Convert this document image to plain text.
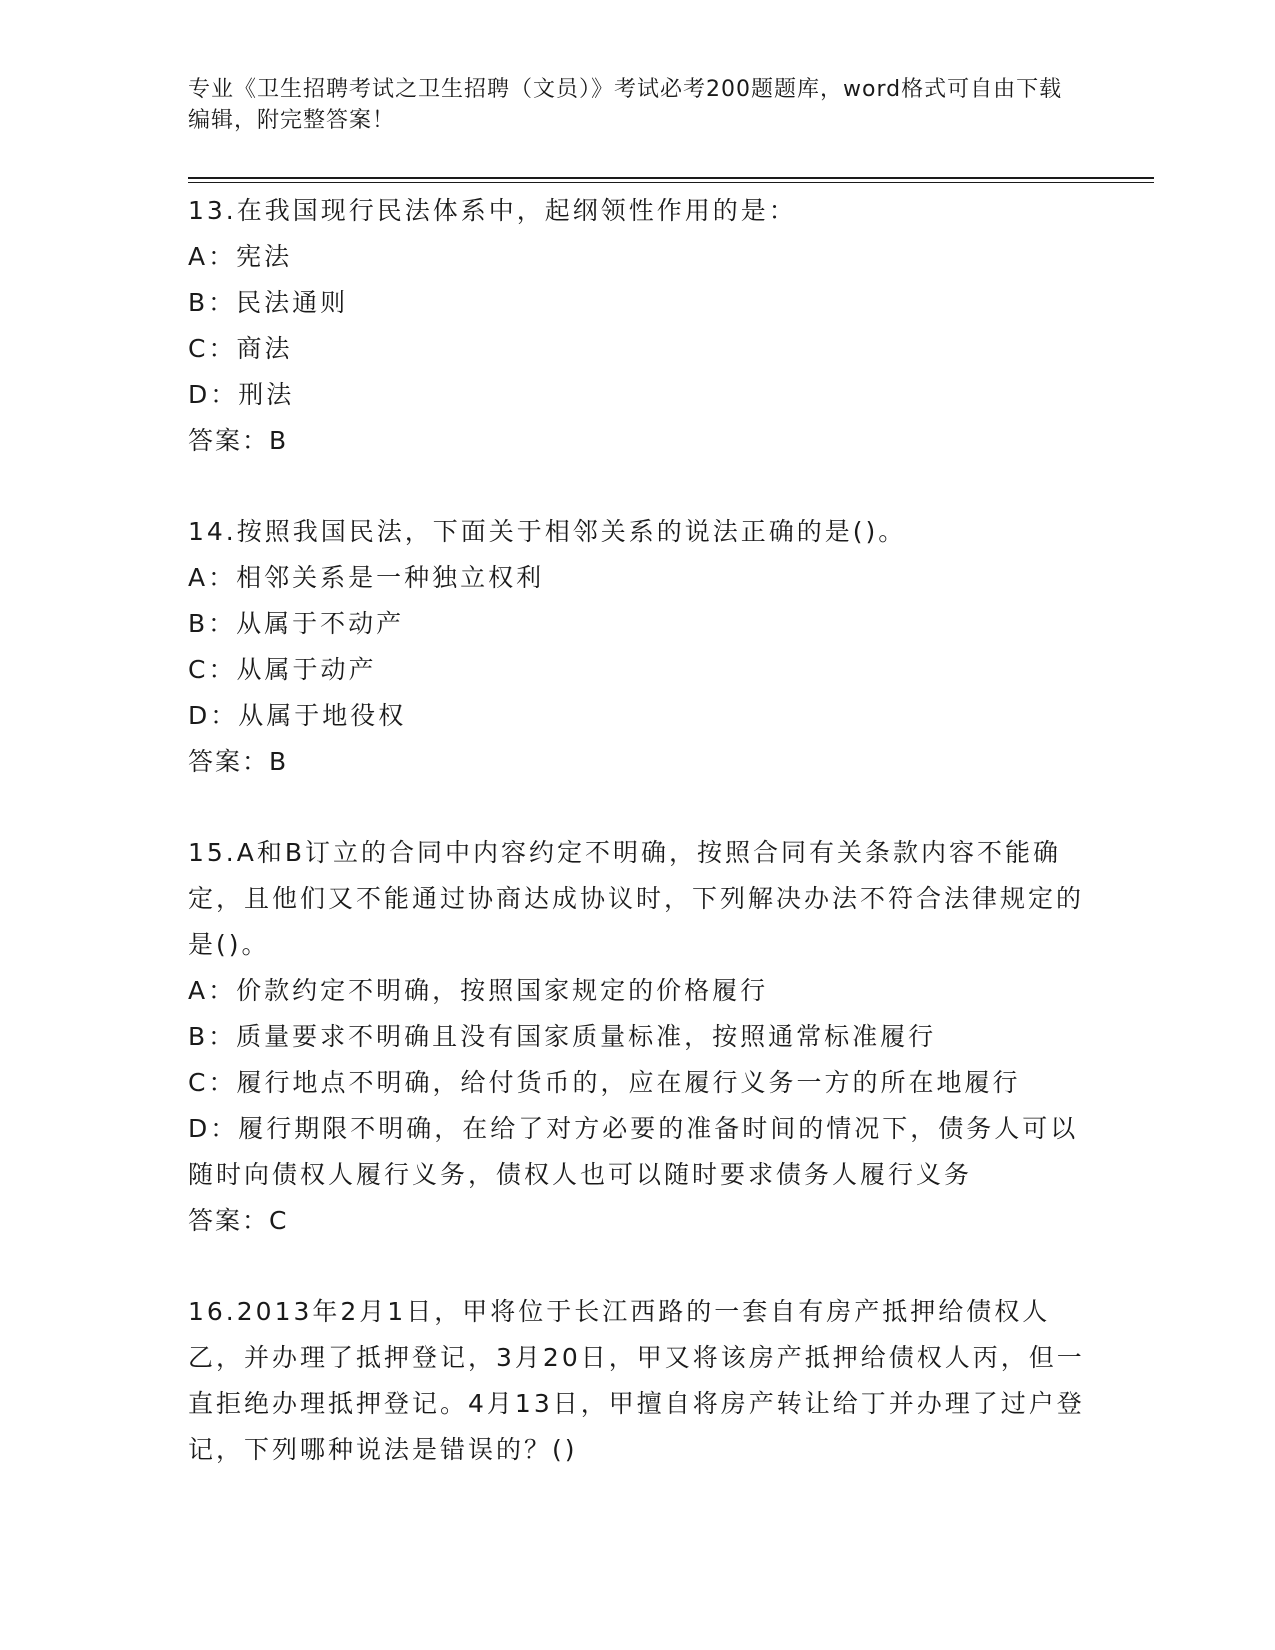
专业《卫生招聘考试之卫生招聘（文员）》考试必考200题题库，word格式可自由下载编辑，附完整答案！

13.在我国现行民法体系中，起纲领性作用的是：

A：宪法

B：民法通则

C：商法

D：刑法

答案：B

14.按照我国民法，下面关于相邻关系的说法正确的是()。

A：相邻关系是一种独立权利

B：从属于不动产

C：从属于动产

D：从属于地役权

答案：B

15.A和B订立的合同中内容约定不明确，按照合同有关条款内容不能确定，且他们又不能通过协商达成协议时，下列解决办法不符合法律规定的是()。

A：价款约定不明确，按照国家规定的价格履行

B：质量要求不明确且没有国家质量标准，按照通常标准履行

C：履行地点不明确，给付货币的，应在履行义务一方的所在地履行

D：履行期限不明确，在给了对方必要的准备时间的情况下，债务人可以随时向债权人履行义务，债权人也可以随时要求债务人履行义务

答案：C

16.2013年2月1日，甲将位于长江西路的一套自有房产抵押给债权人乙，并办理了抵押登记，3月20日，甲又将该房产抵押给债权人丙，但一直拒绝办理抵押登记。4月13日，甲擅自将房产转让给丁并办理了过户登记，下列哪种说法是错误的？()
